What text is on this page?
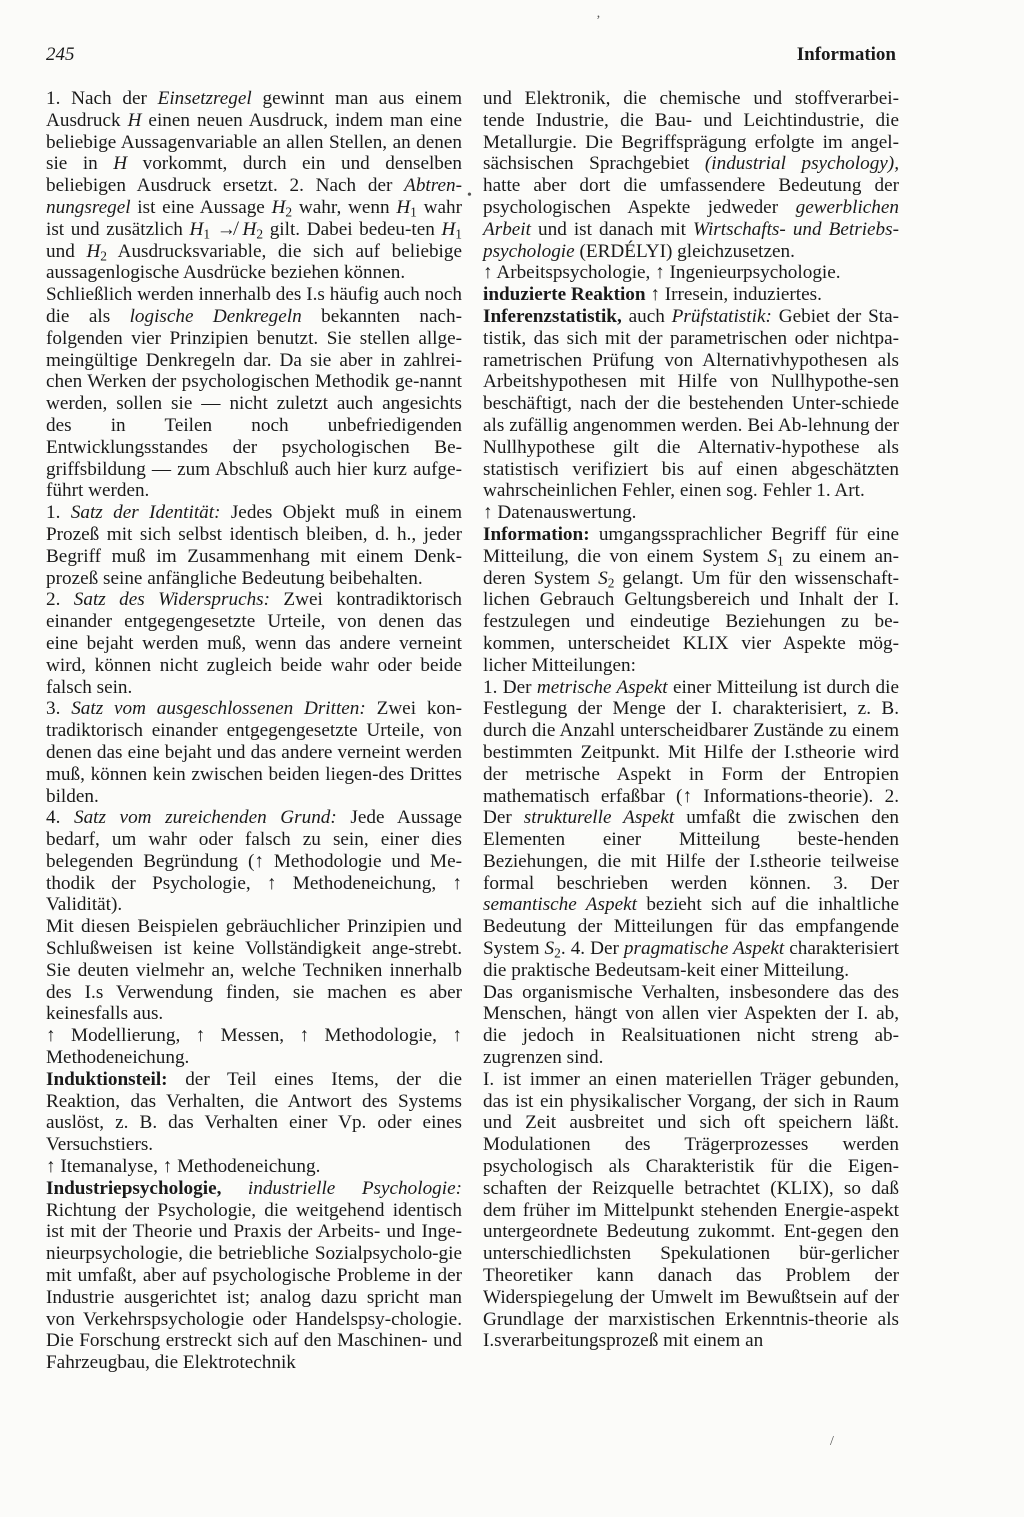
245	Information
‚
•
/

1. Nach der Einsetzregel gewinnt man aus einem Ausdruck H einen neuen Ausdruck, indem man eine beliebige Aussagenvariable an allen Stellen, an denen sie in H vorkommt, durch ein und denselben beliebigen Ausdruck ersetzt. 2. Nach der Abtren-nungsregel ist eine Aussage $H_2$ wahr, wenn $H_1$ wahr ist und zusätzlich $H_1$ ↛ $H_2$ gilt. Dabei bedeu-ten $H_1$ und $H_2$ Ausdrucksvariable, die sich auf beliebige aussagenlogische Ausdrücke beziehen können.

Schließlich werden innerhalb des I.s häufig auch noch die als logische Denkregeln bekannten nach-folgenden vier Prinzipien benutzt. Sie stellen allge-meingültige Denkregeln dar. Da sie aber in zahlrei-chen Werken der psychologischen Methodik ge-nannt werden, sollen sie — nicht zuletzt auch angesichts des in Teilen noch unbefriedigenden Entwicklungsstandes der psychologischen Be-griffsbildung — zum Abschluß auch hier kurz aufge-führt werden.

1. Satz der Identität: Jedes Objekt muß in einem Prozeß mit sich selbst identisch bleiben, d. h., jeder Begriff muß im Zusammenhang mit einem Denk-prozeß seine anfängliche Bedeutung beibehalten.

2. Satz des Widerspruchs: Zwei kontradiktorisch einander entgegengesetzte Urteile, von denen das eine bejaht werden muß, wenn das andere verneint wird, können nicht zugleich beide wahr oder beide falsch sein.

3. Satz vom ausgeschlossenen Dritten: Zwei kon-tradiktorisch einander entgegengesetzte Urteile, von denen das eine bejaht und das andere verneint werden muß, können kein zwischen beiden liegen-des Drittes bilden.

4. Satz vom zureichenden Grund: Jede Aussage bedarf, um wahr oder falsch zu sein, einer dies belegenden Begründung (↑ Methodologie und Me-thodik der Psychologie, ↑ Methodeneichung, ↑ Validität).

Mit diesen Beispielen gebräuchlicher Prinzipien und Schlußweisen ist keine Vollständigkeit ange-strebt. Sie deuten vielmehr an, welche Techniken innerhalb des I.s Verwendung finden, sie machen es aber keinesfalls aus.

↑ Modellierung, ↑ Messen, ↑ Methodologie, ↑ Methodeneichung.

Induktionsteil: der Teil eines Items, der die Reaktion, das Verhalten, die Antwort des Systems auslöst, z. B. das Verhalten einer Vp. oder eines Versuchstiers.

↑ Itemanalyse, ↑ Methodeneichung.

Industriepsychologie, industrielle Psychologie: Richtung der Psychologie, die weitgehend identisch ist mit der Theorie und Praxis der Arbeits- und Inge-nieurpsychologie, die betriebliche Sozialpsycholo-gie mit umfaßt, aber auf psychologische Probleme in der Industrie ausgerichtet ist; analog dazu spricht man von Verkehrspsychologie oder Handelspsy-chologie. Die Forschung erstreckt sich auf den Maschinen- und Fahrzeugbau, die Elektrotechnik

und Elektronik, die chemische und stoffverarbei-tende Industrie, die Bau- und Leichtindustrie, die Metallurgie. Die Begriffsprägung erfolgte im angel-sächsischen Sprachgebiet (industrial psychology), hatte aber dort die umfassendere Bedeutung der psychologischen Aspekte jedweder gewerblichen Arbeit und ist danach mit Wirtschafts- und Betriebs-psychologie (ERDÉLYI) gleichzusetzen.

↑ Arbeitspsychologie, ↑ Ingenieurpsychologie.

induzierte Reaktion ↑ Irresein, induziertes.

Inferenzstatistik, auch Prüfstatistik: Gebiet der Sta-tistik, das sich mit der parametrischen oder nichtpa-rametrischen Prüfung von Alternativhypothesen als Arbeitshypothesen mit Hilfe von Nullhypothe-sen beschäftigt, nach der die bestehenden Unter-schiede als zufällig angenommen werden. Bei Ab-lehnung der Nullhypothese gilt die Alternativ-hypothese als statistisch verifiziert bis auf einen abgeschätzten wahrscheinlichen Fehler, einen sog. Fehler 1. Art.

↑ Datenauswertung.

Information: umgangssprachlicher Begriff für eine Mitteilung, die von einem System $S_1$ zu einem an-deren System $S_2$ gelangt. Um für den wissenschaft-lichen Gebrauch Geltungsbereich und Inhalt der I. festzulegen und eindeutige Beziehungen zu be-kommen, unterscheidet KLIX vier Aspekte mög-licher Mitteilungen:

1. Der metrische Aspekt einer Mitteilung ist durch die Festlegung der Menge der I. charakterisiert, z. B. durch die Anzahl unterscheidbarer Zustände zu einem bestimmten Zeitpunkt. Mit Hilfe der I.stheorie wird der metrische Aspekt in Form der Entropien mathematisch erfaßbar (↑ Informations-theorie). 2. Der strukturelle Aspekt umfaßt die zwischen den Elementen einer Mitteilung beste-henden Beziehungen, die mit Hilfe der I.stheorie teilweise formal beschrieben werden können. 3. Der semantische Aspekt bezieht sich auf die inhaltliche Bedeutung der Mitteilungen für das empfangende System $S_2$. 4. Der pragmatische Aspekt charakterisiert die praktische Bedeutsam-keit einer Mitteilung.

Das organismische Verhalten, insbesondere das des Menschen, hängt von allen vier Aspekten der I. ab, die jedoch in Realsituationen nicht streng ab-zugrenzen sind.

I. ist immer an einen materiellen Träger gebunden, das ist ein physikalischer Vorgang, der sich in Raum und Zeit ausbreitet und sich oft speichern läßt. Modulationen des Trägerprozesses werden psychologisch als Charakteristik für die Eigen-schaften der Reizquelle betrachtet (KLIX), so daß dem früher im Mittelpunkt stehenden Energie-aspekt untergeordnete Bedeutung zukommt. Ent-gegen den unterschiedlichsten Spekulationen bür-gerlicher Theoretiker kann danach das Problem der Widerspiegelung der Umwelt im Bewußtsein auf der Grundlage der marxistischen Erkenntnis-theorie als I.sverarbeitungsprozeß mit einem an
